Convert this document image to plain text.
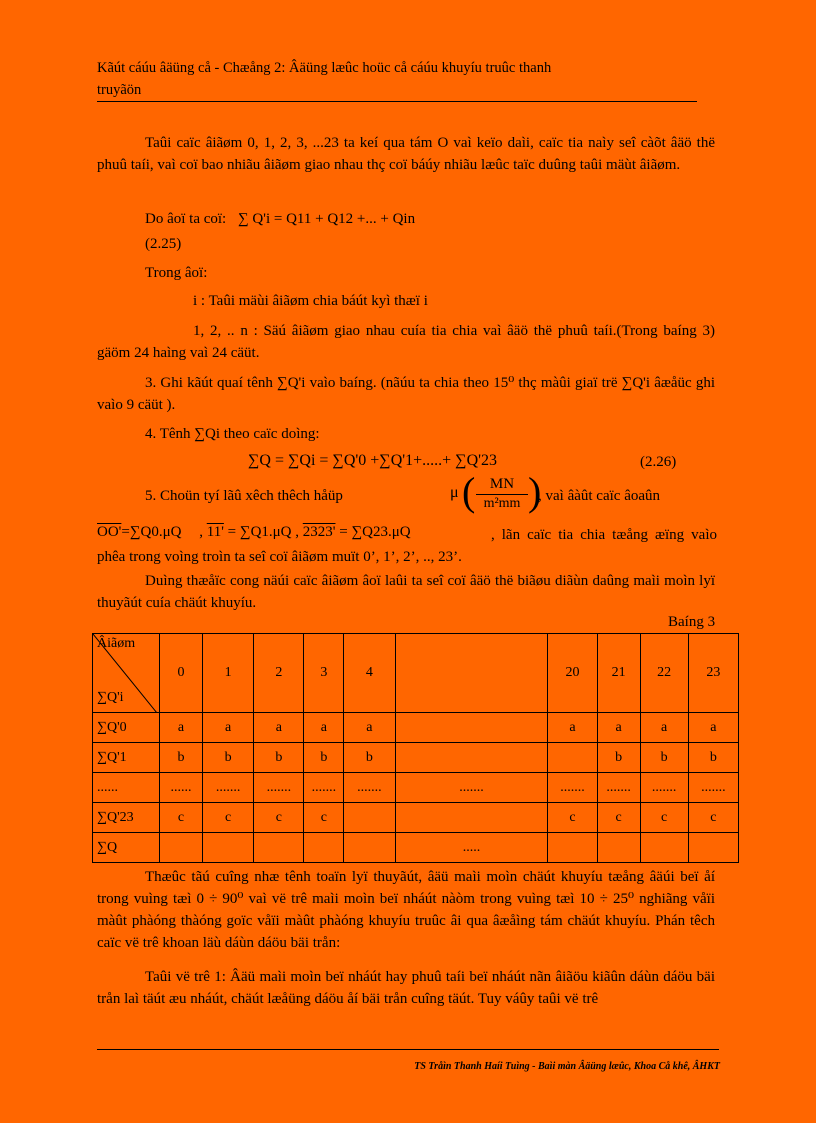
Kãút cáúu âäüng cå - Chæång 2: Âäüng læûc hoüc cå cáúu khuyíu truûc thanh
truyãön
Taûi caïc âiãøm 0, 1, 2, 3, ...23 ta keí qua tám O vaì keïo daìi, caïc tia naìy seî càõt âäö thë phuû taíi, vaì coï bao nhiãu âiãøm giao nhau thç coï báúy nhiãu læûc taïc duûng taûi mäùt âiãøm.
Do âoï ta coï: ∑ Q'i = Q11 + Q12 +... + Qin
(2.25)
Trong âoï:
i : Taûi mäùi âiãøm chia báút kyì thæï i
1, 2, .. n : Säú âiãøm giao nhau cuía tia chia vaì âäö thë phuû taíi.(Trong baíng 3) gäöm 24 haìng vaì 24 cäüt.
3. Ghi kãút quaí tênh ∑Q'i vaìo baíng. (nãúu ta chia theo 15⁰ thç màûi giaï trë ∑Q'i âæåüc ghi vaìo 9 cäüt ).
4. Tênh ∑Qi theo caïc doìng:
∑Q = ∑Qi = ∑Q'0 +∑Q'1+.....+ ∑Q'23	(2.26)
5. Choün tyí lãû xêch thêch håüp	μ ( MN
m²mm )
, vaì âàût caïc âoaûn
OO'=∑Q0.μQ , 11' = ∑Q1.μQ , 2323' = ∑Q23.μQ	, lãn caïc tia chia tæång æïng vaìo phêa trong voìng troìn ta seî coï âiãøm muït 0’, 1’, 2’, .., 23’.
Duìng thæåïc cong näúi caïc âiãøm âoï laûi ta seî coï âäö thë biãøu diãùn daûng maìi moìn lyï thuyãút cuía chäút khuyíu.
Baíng 3
Âiãøm
∑Q'i	0	1	2	3	4		20	21	22	23
∑Q'0	a	a	a	a	a		a	a	a	a
∑Q'1	b	b	b	b	b			b	b	b
......	......	.......	.......	.......	.......	.......	.......	.......	.......	.......
∑Q'23	c	c	c	c			c	c	c	c
∑Q						.....				
Thæûc tãú cuîng nhæ tênh toaïn lyï thuyãút, âäü maìi moìn chäút khuyíu tæång âäúi beï åí trong vuìng tæì 0 ÷ 90⁰ vaì vë trê maìi moìn beï nháút nàòm trong vuìng tæì 10 ÷ 25⁰ nghiãng våïi màût phàóng thàóng goïc våïi màût phàóng khuyíu truûc âi qua âæåìng tám chäút khuyíu. Phán têch caïc vë trê khoan läù dáùn dáöu bäi trån:
Taûi vë trê 1: Âäü maìi moìn beï nháút hay phuû taíi beï nháút nãn âiãöu kiãûn dáùn dáöu bäi trån laì täút æu nháút, chäút læåüng dáöu åí bäi trån cuîng täút. Tuy váûy taûi vë trê
TS Tråìn Thanh Haíi Tuìng - Baìi màn Âäüng læûc, Khoa Cå khê, ÂHKT
